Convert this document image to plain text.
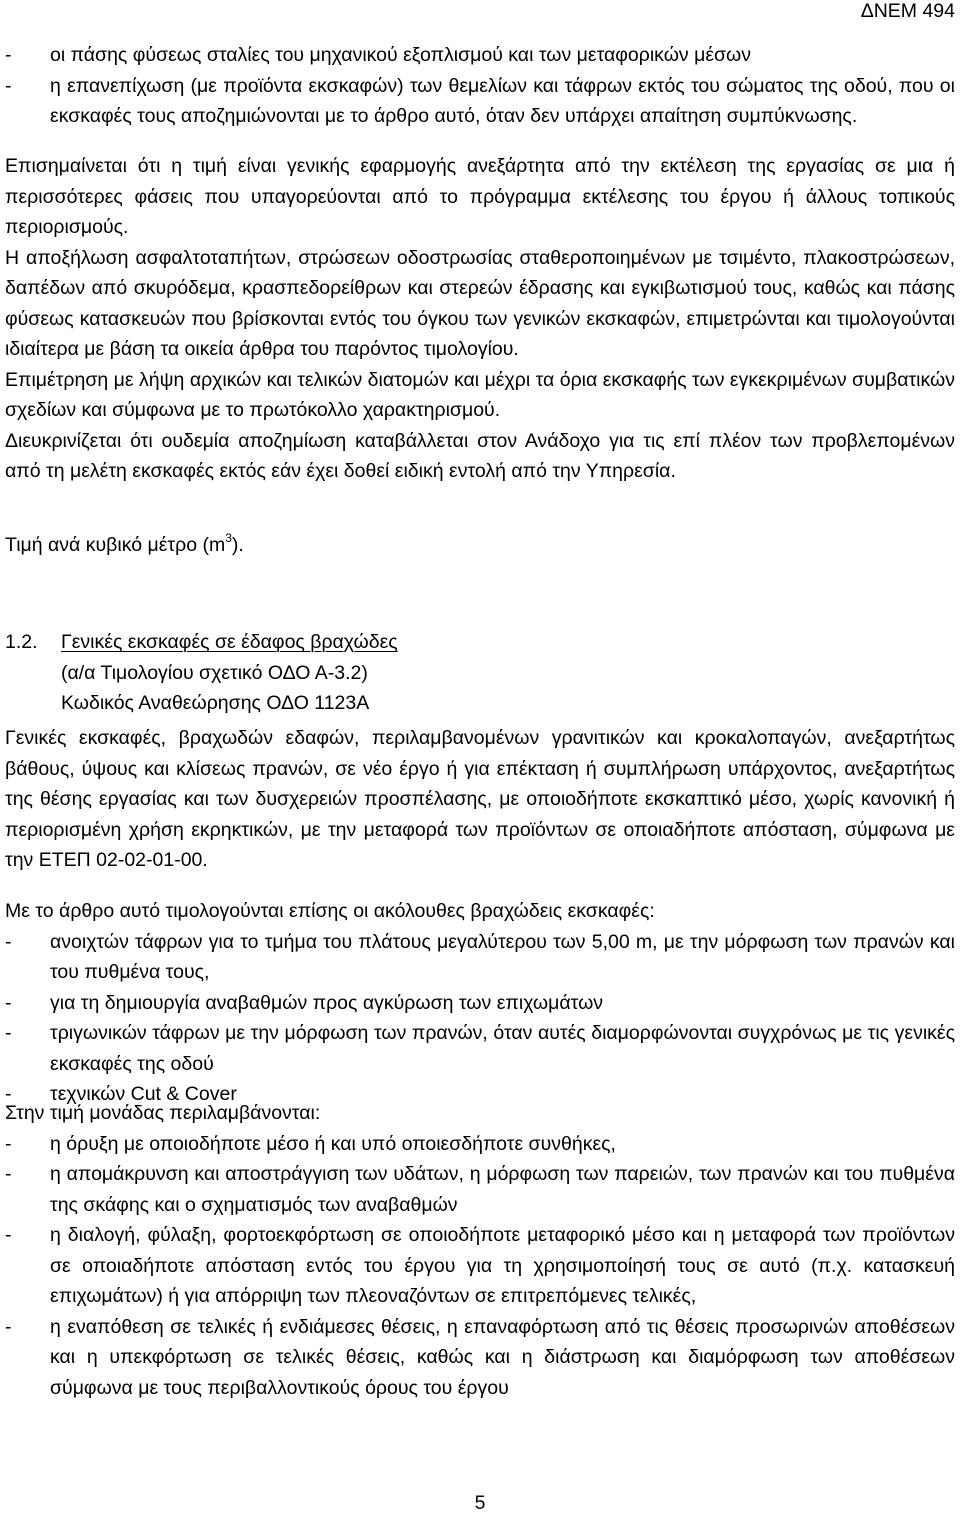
ΔΝΕΜ 494
-	οι πάσης φύσεως σταλίες του μηχανικού εξοπλισμού και των μεταφορικών μέσων
-	η επανεπίχωση (με προϊόντα εκσκαφών) των θεμελίων και τάφρων εκτός του σώματος της οδού, που οι εκσκαφές τους αποζημιώνονται με το άρθρο αυτό, όταν δεν υπάρχει απαίτηση συμπύκνωσης.

Επισημαίνεται ότι η τιμή είναι γενικής εφαρμογής ανεξάρτητα από την εκτέλεση της εργασίας σε μια ή περισσότερες φάσεις που υπαγορεύονται από το πρόγραμμα εκτέλεσης του έργου ή άλλους τοπικούς περιορισμούς.

Η αποξήλωση ασφαλτοταπήτων, στρώσεων οδοστρωσίας σταθεροποιημένων με τσιμέντο, πλακοστρώσεων, δαπέδων από σκυρόδεμα, κρασπεδορείθρων και στερεών έδρασης και εγκιβωτισμού τους, καθώς και πάσης φύσεως κατασκευών που βρίσκονται εντός του όγκου των γενικών εκσκαφών, επιμετρώνται και τιμολογούνται ιδιαίτερα με βάση τα οικεία άρθρα του παρόντος τιμολογίου.

Επιμέτρηση με λήψη αρχικών και τελικών διατομών και μέχρι τα όρια εκσκαφής των εγκεκριμένων συμβατικών σχεδίων και σύμφωνα με το πρωτόκολλο χαρακτηρισμού.

Διευκρινίζεται ότι ουδεμία αποζημίωση καταβάλλεται στον Ανάδοχο για τις επί πλέον των προβλεπομένων από τη μελέτη εκσκαφές εκτός εάν έχει δοθεί ειδική εντολή από την Υπηρεσία.

Τιμή ανά κυβικό μέτρο $(m^3)$.
1.2. Γενικές εκσκαφές σε έδαφος βραχώδες
(α/α Τιμολογίου σχετικό ΟΔΟ Α-3.2)
Κωδικός Αναθεώρησης ΟΔΟ 1123Α

Γενικές εκσκαφές, βραχωδών εδαφών, περιλαμβανομένων γρανιτικών και κροκαλοπαγών, ανεξαρτήτως βάθους, ύψους και κλίσεως πρανών, σε νέο έργο ή για επέκταση ή συμπλήρωση υπάρχοντος, ανεξαρτήτως της θέσης εργασίας και των δυσχερειών προσπέλασης, με οποιοδήποτε εκσκαπτικό μέσο, χωρίς κανονική ή περιορισμένη χρήση εκρηκτικών, με την μεταφορά των προϊόντων σε οποιαδήποτε απόσταση, σύμφωνα με την ΕΤΕΠ 02-02-01-00.

Με το άρθρο αυτό τιμολογούνται επίσης οι ακόλουθες βραχώδεις εκσκαφές:

-	ανοιχτών τάφρων για το τμήμα του πλάτους μεγαλύτερου των 5,00 m, με την μόρφωση των πρανών και του πυθμένα τους,
-	για τη δημιουργία αναβαθμών προς αγκύρωση των επιχωμάτων
-	τριγωνικών τάφρων με την μόρφωση των πρανών, όταν αυτές διαμορφώνονται συγχρόνως με τις γενικές εκσκαφές της οδού
-	τεχνικών Cut & Cover

Στην τιμή μονάδας περιλαμβάνονται:

-	η όρυξη με οποιοδήποτε μέσο ή και υπό οποιεσδήποτε συνθήκες,
-	η απομάκρυνση και αποστράγγιση των υδάτων, η μόρφωση των παρειών, των πρανών και του πυθμένα της σκάφης και ο σχηματισμός των αναβαθμών
-	η διαλογή, φύλαξη, φορτοεκφόρτωση σε οποιοδήποτε μεταφορικό μέσο και η μεταφορά των προϊόντων σε οποιαδήποτε απόσταση εντός του έργου για τη χρησιμοποίησή τους σε αυτό (π.χ. κατασκευή επιχωμάτων) ή για απόρριψη των πλεοναζόντων σε επιτρεπόμενες τελικές,
-	η εναπόθεση σε τελικές ή ενδιάμεσες θέσεις, η επαναφόρτωση από τις θέσεις προσωρινών αποθέσεων και η υπεκφόρτωση σε τελικές θέσεις, καθώς και η διάστρωση και διαμόρφωση των αποθέσεων σύμφωνα με τους περιβαλλοντικούς όρους του έργου
5
